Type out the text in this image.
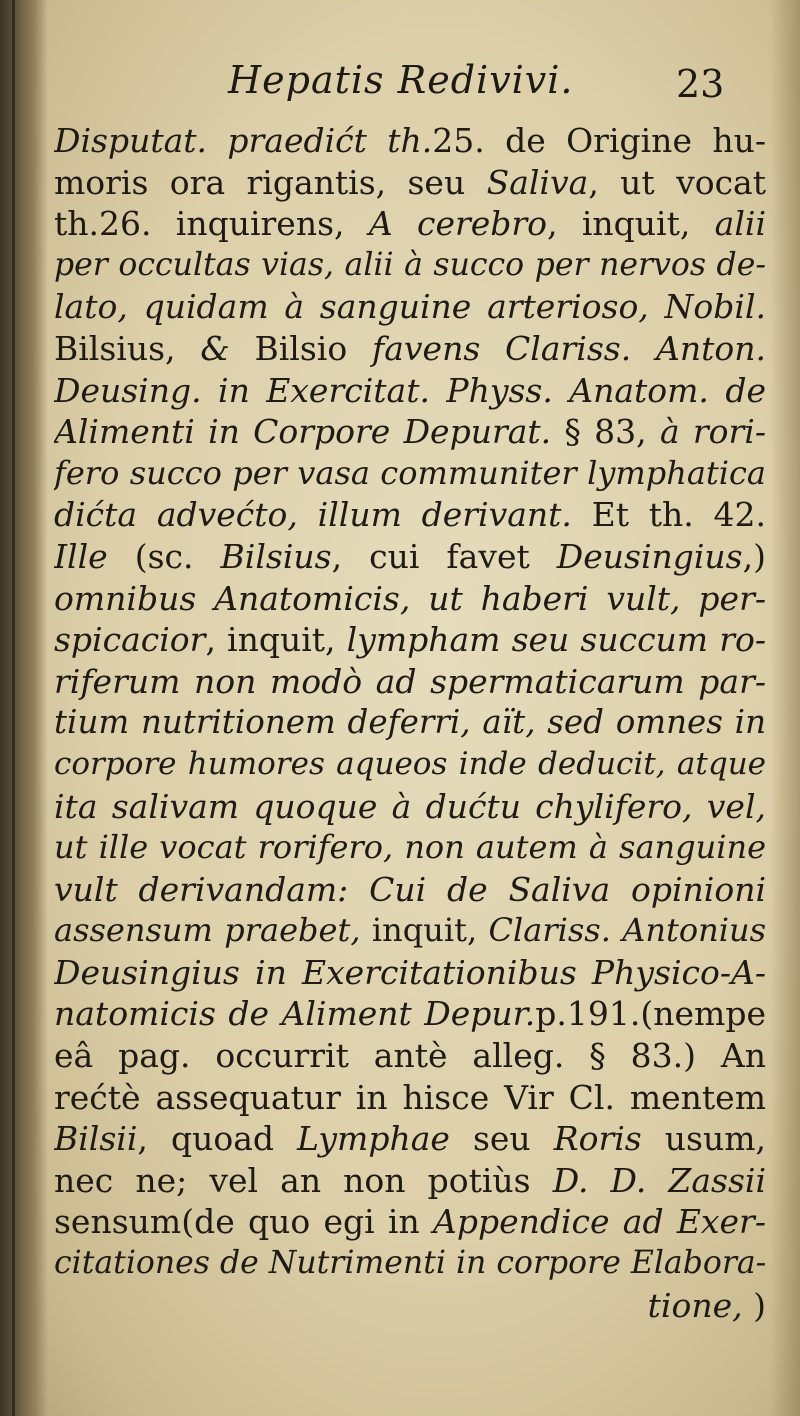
Hepatis Redivivi.	23
Disputat. praedićt th.25. de Origine hu-
moris ora rigantis, seu Saliva, ut vocat
th.26. inquirens, A cerebro, inquit, alii
per occultas vias, alii à succo per nervos de-
lato, quidam à sanguine arterioso, Nobil.
Bilsius, & Bilsio favens Clariss. Anton.
Deusing. in Exercitat. Physs. Anatom. de
Alimenti in Corpore Depurat. § 83, à rori-
fero succo per vasa communiter lymphatica
dićta advećto, illum derivant. Et th. 42.
Ille (sc. Bilsius, cui favet Deusingius,)
omnibus Anatomicis, ut haberi vult, per-
spicacior, inquit, lympham seu succum ro-
riferum non modò ad spermaticarum par-
tium nutritionem deferri, aït, sed omnes in
corpore humores aqueos inde deducit, atque
ita salivam quoque à dućtu chylifero, vel,
ut ille vocat rorifero, non autem à sanguine
vult derivandam: Cui de Saliva opinioni
assensum praebet, inquit, Clariss. Antonius
Deusingius in Exercitationibus Physico-A-
natomicis de Aliment Depur.p.191.(nempe
eâ pag. occurrit antè alleg. § 83.) An
rećtè assequatur in hisce Vir Cl. mentem
Bilsii, quoad Lymphae seu Roris usum,
nec ne; vel an non potiùs D. D. Zassii
sensum(de quo egi in Appendice ad Exer-
citationes de Nutrimenti in corpore Elabora-
tione, )
